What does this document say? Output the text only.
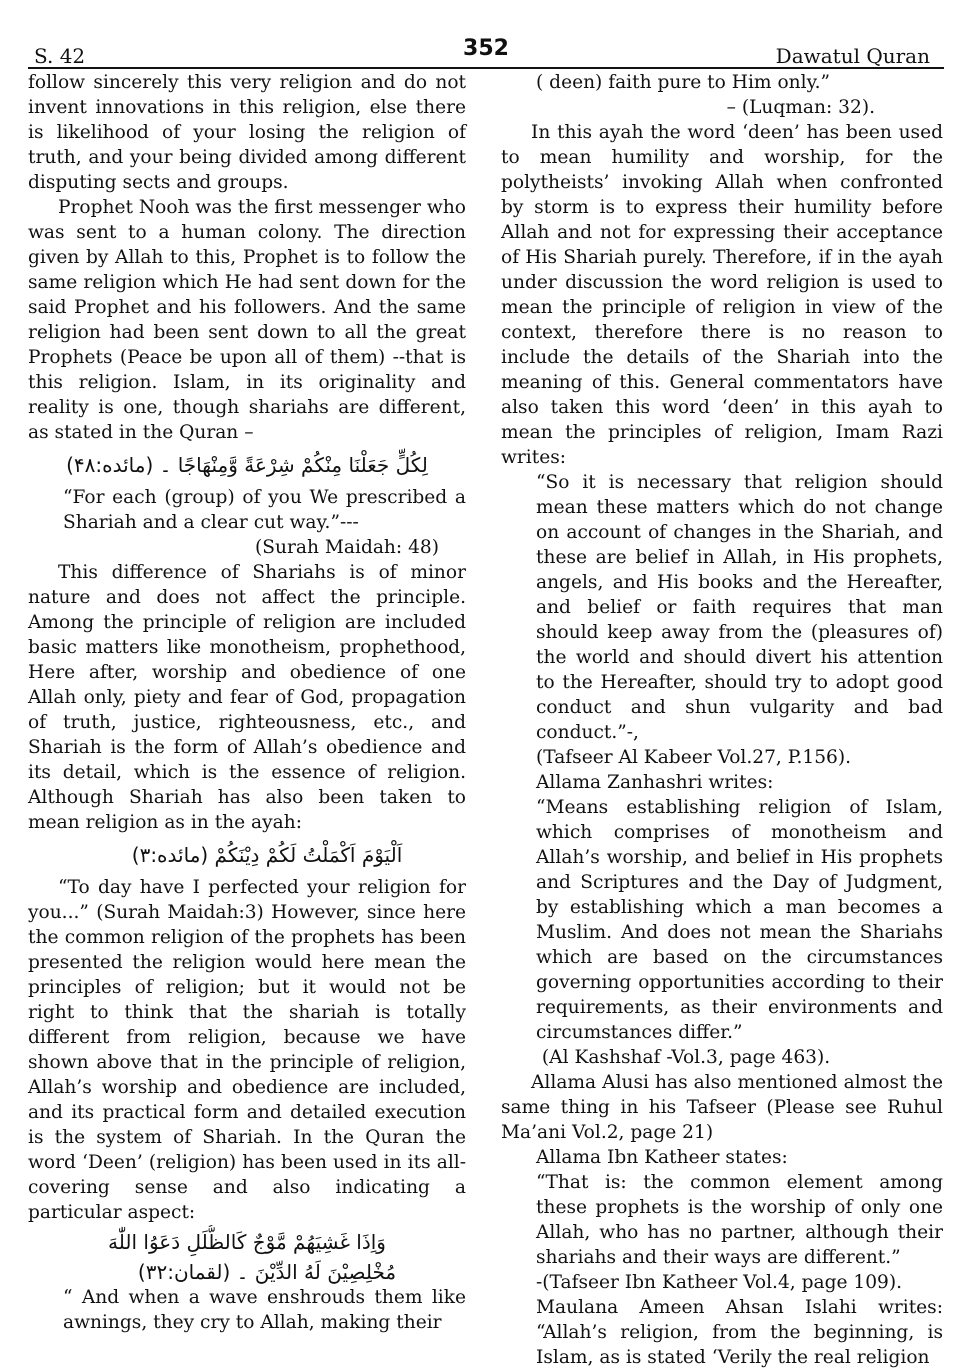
S. 42	352	Dawatul Quran

follow sincerely this very religion and do not invent innovations in this religion, else there is likelihood of your losing the religion of truth, and your being divided among different disputing sects and groups.

Prophet Nooh was the first messenger who was sent to a human colony. The direction given by Allah to this, Prophet is to follow the same religion which He had sent down for the said Prophet and his followers. And the same religion had been sent down to all the great Prophets (Peace be upon all of them) --that is this religion. Islam, in its originality and reality is one, though shariahs are different, as stated in the Quran –

لِكُلٍّ جَعَلْنَا مِنْكُمْ شِرْعَةً وَّمِنْهَاجًا ۔ (مائده:۴۸)

“For each (group) of you We prescribed a Shariah and a clear cut way.”---

(Surah Maidah: 48)

This difference of Shariahs is of minor nature and does not affect the principle. Among the principle of religion are included basic matters like monotheism, prophethood, Here after, worship and obedience of one Allah only, piety and fear of God, propagation of truth, justice, righteousness, etc., and Shariah is the form of Allah’s obedience and its detail, which is the essence of religion. Although Shariah has also been taken to mean religion as in the ayah:

اَلْيَوْمَ اَكْمَلْتُ لَكُمْ دِيْنَكُمْ (مائده:۳)

“To day have I perfected your religion for you...” (Surah Maidah:3) However, since here the common religion of the prophets has been presented the religion would here mean the principles of religion; but it would not be right to think that the shariah is totally different from religion, because we have shown above that in the principle of religion, Allah’s worship and obedience are included, and its practical form and detailed execution is the system of Shariah. In the Quran the word ‘Deen’ (religion) has been used in its all-covering sense and also indicating a particular aspect:

وَاِذَا غَشِيَهُمْ مَّوْجٌ كَالظُّلَلِ دَعَوُا اللّٰهَ
مُخْلِصِيْنَ لَهُ الدِّيْنَ ۔ (لقمان:۳۲)

“ And when a wave enshrouds them like awnings, they cry to Allah, making their

( deen) faith pure to Him only.”

– (Luqman: 32).

In this ayah the word ‘deen’ has been used to mean humility and worship, for the polytheists’ invoking Allah when confronted by storm is to express their humility before Allah and not for expressing their acceptance of His Shariah purely. Therefore, if in the ayah under discussion the word religion is used to mean the principle of religion in view of the context, therefore there is no reason to include the details of the Shariah into the meaning of this. General commentators have also taken this word ‘deen’ in this ayah to mean the principles of religion, Imam Razi writes:

“So it is necessary that religion should mean these matters which do not change on account of changes in the Shariah, and these are belief in Allah, in His prophets, angels, and His books and the Hereafter, and belief or faith requires that man should keep away from the (pleasures of) the world and should divert his attention to the Hereafter, should try to adopt good conduct and shun vulgarity and bad conduct.”-,

(Tafseer Al Kabeer Vol.27, P.156).

Allama Zanhashri writes:

“Means establishing religion of Islam, which comprises of monotheism and Allah’s worship, and belief in His prophets and Scriptures and the Day of Judgment, by establishing which a man becomes a Muslim. And does not mean the Shariahs which are based on the circumstances governing opportunities according to their requirements, as their environments and circumstances differ.”

(Al Kashshaf -Vol.3, page 463).

Allama Alusi has also mentioned almost the same thing in his Tafseer (Please see Ruhul Ma’ani Vol.2, page 21)

Allama Ibn Katheer states:

“That is: the common element among these prophets is the worship of only one Allah, who has no partner, although their shariahs and their ways are different.”

-(Tafseer Ibn Katheer Vol.4, page 109).

Maulana Ameen Ahsan Islahi writes: “Allah’s religion, from the beginning, is Islam, as is stated ‘Verily the real religion
